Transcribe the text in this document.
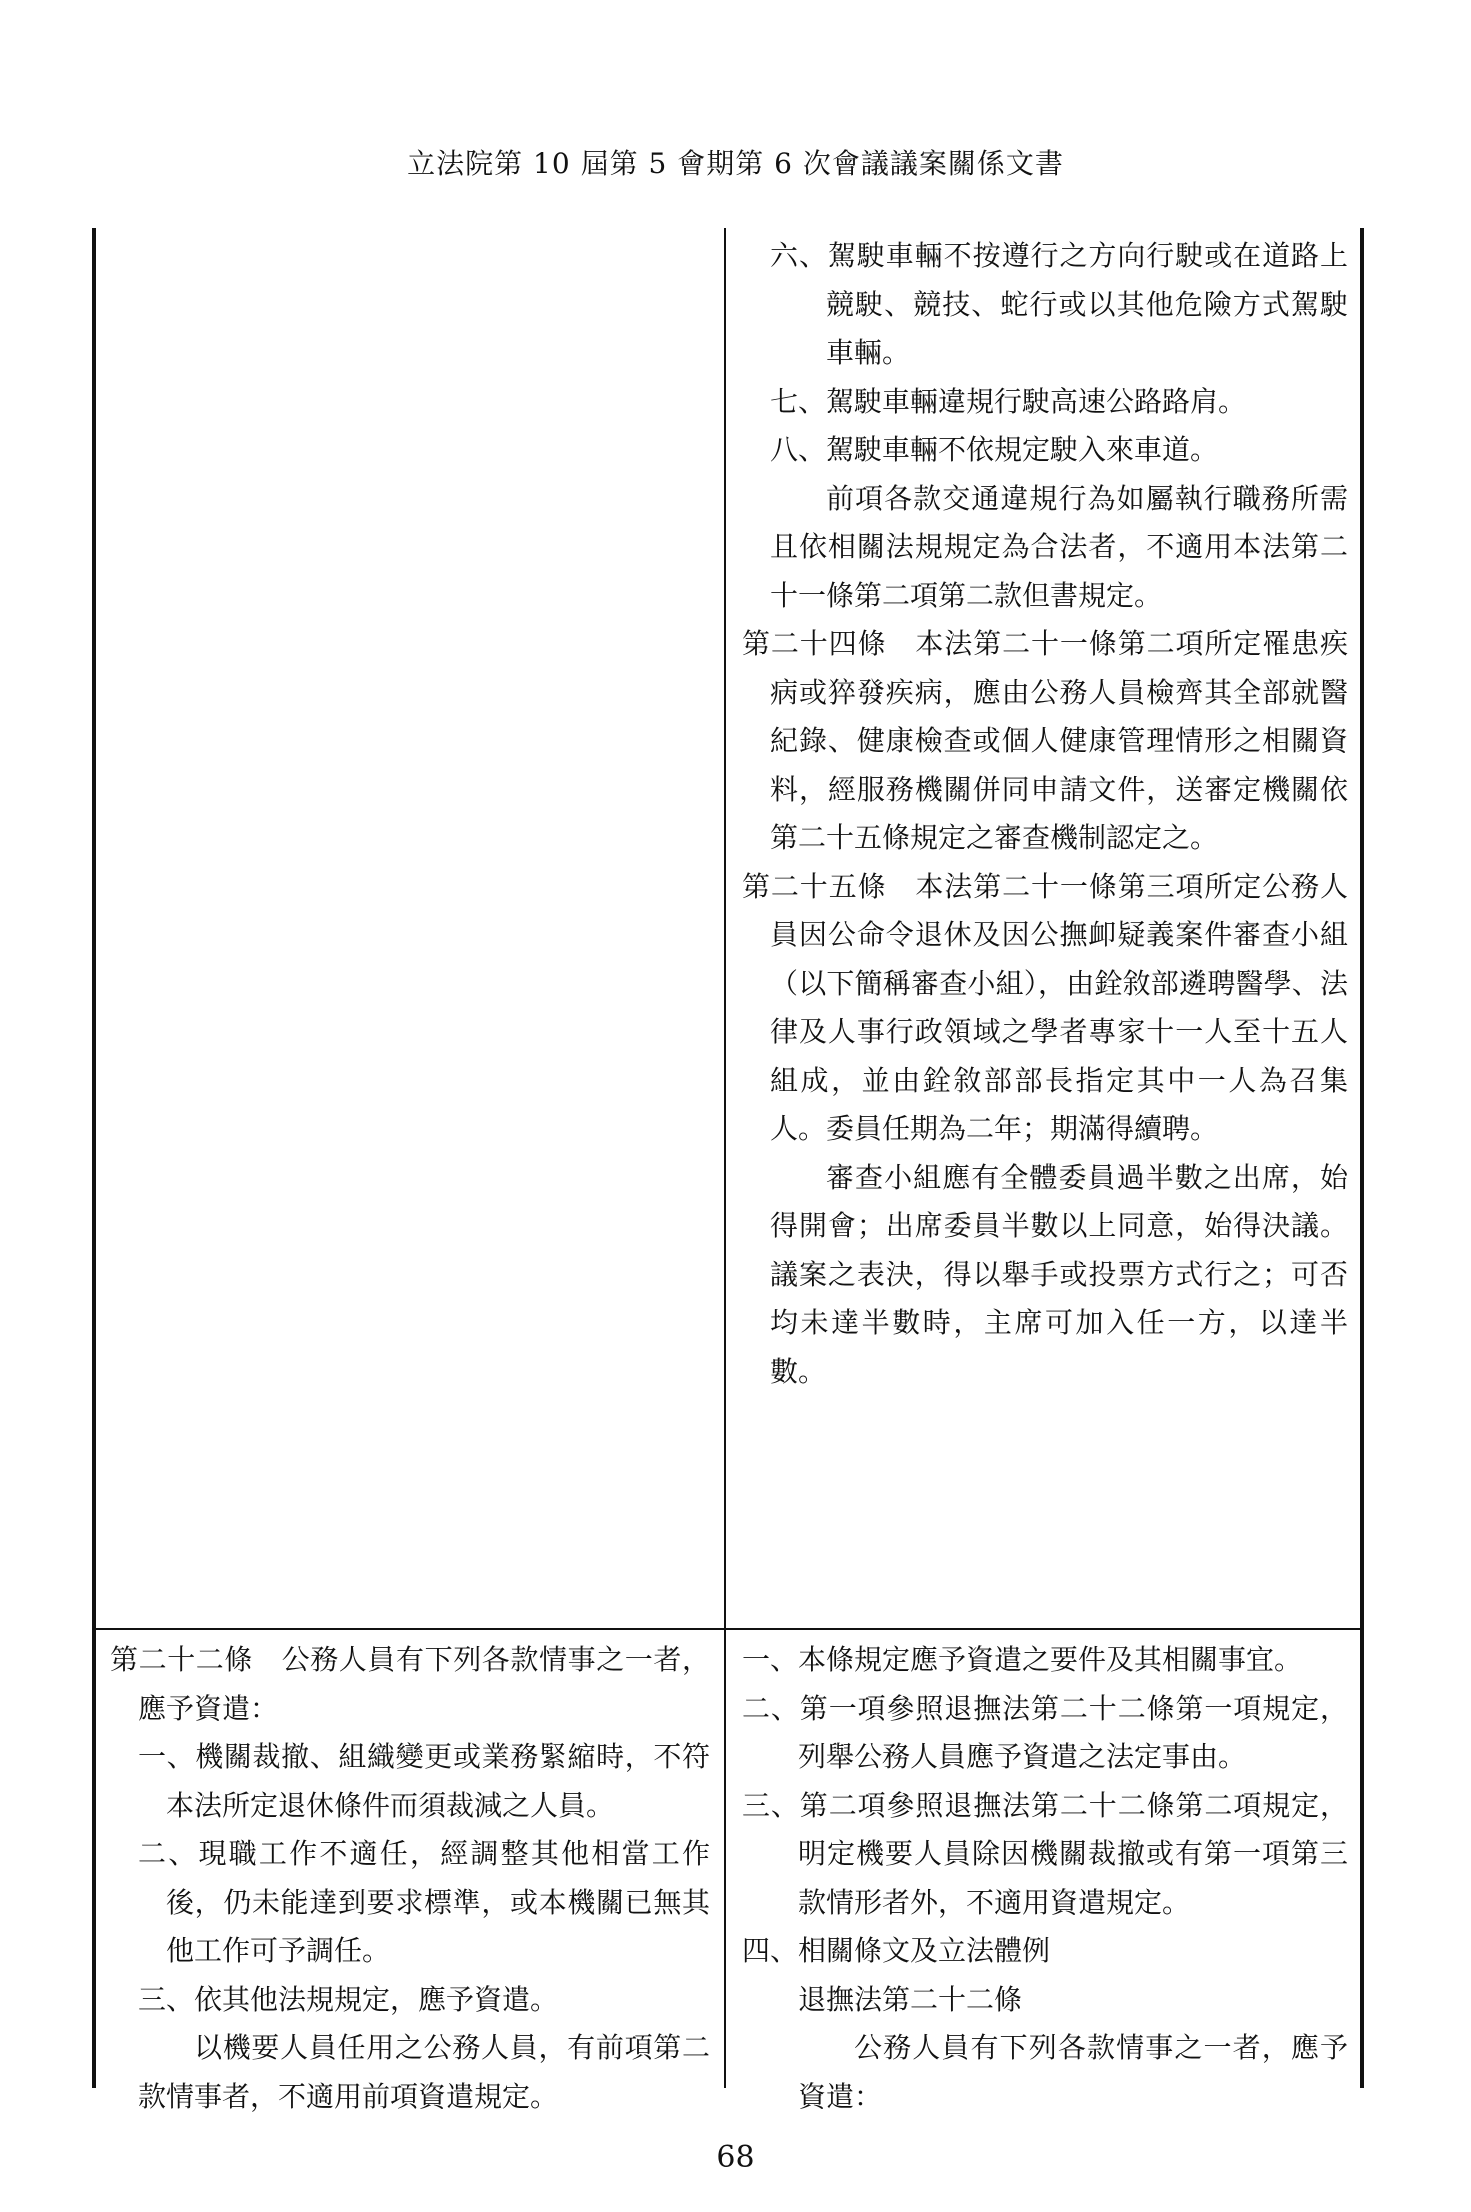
立法院第 10 屆第 5 會期第 6 次會議議案關係文書

六、駕駛車輛不按遵行之方向行駛或在道路上競駛、競技、蛇行或以其他危險方式駕駛車輛。

七、駕駛車輛違規行駛高速公路路肩。

八、駕駛車輛不依規定駛入來車道。

前項各款交通違規行為如屬執行職務所需且依相關法規規定為合法者，不適用本法第二十一條第二項第二款但書規定。

第二十四條　本法第二十一條第二項所定罹患疾病或猝發疾病，應由公務人員檢齊其全部就醫紀錄、健康檢查或個人健康管理情形之相關資料，經服務機關併同申請文件，送審定機關依第二十五條規定之審查機制認定之。

第二十五條　本法第二十一條第三項所定公務人員因公命令退休及因公撫卹疑義案件審查小組（以下簡稱審查小組），由銓敘部遴聘醫學、法律及人事行政領域之學者專家十一人至十五人組成，並由銓敘部部長指定其中一人為召集人。委員任期為二年；期滿得續聘。

審查小組應有全體委員過半數之出席，始得開會；出席委員半數以上同意，始得決議。議案之表決，得以舉手或投票方式行之；可否均未達半數時，主席可加入任一方，以達半數。

第二十二條　公務人員有下列各款情事之一者，應予資遣：

一、機關裁撤、組織變更或業務緊縮時，不符本法所定退休條件而須裁減之人員。

二、現職工作不適任，經調整其他相當工作後，仍未能達到要求標準，或本機關已無其他工作可予調任。

三、依其他法規規定，應予資遣。

以機要人員任用之公務人員，有前項第二款情事者，不適用前項資遣規定。

一、本條規定應予資遣之要件及其相關事宜。

二、第一項參照退撫法第二十二條第一項規定，列舉公務人員應予資遣之法定事由。

三、第二項參照退撫法第二十二條第二項規定，明定機要人員除因機關裁撤或有第一項第三款情形者外，不適用資遣規定。

四、相關條文及立法體例

退撫法第二十二條

公務人員有下列各款情事之一者，應予資遣：

68
